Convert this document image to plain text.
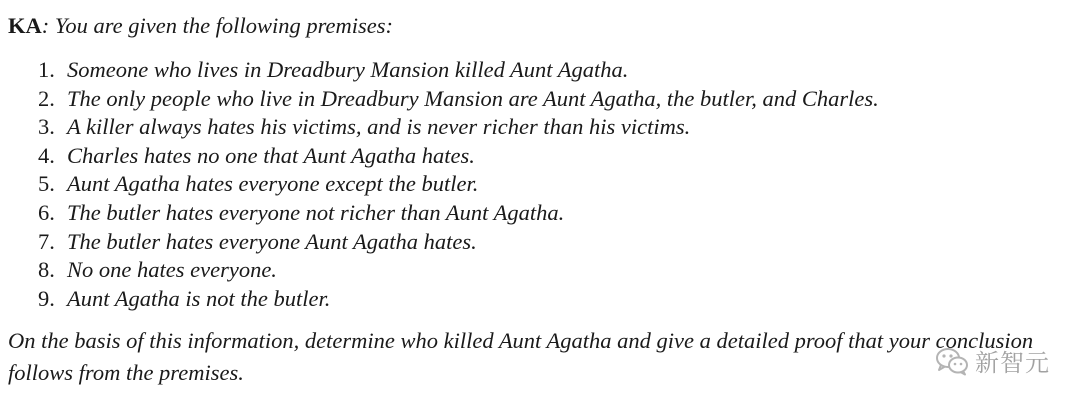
KA: You are given the following premises:

1. Someone who lives in Dreadbury Mansion killed Aunt Agatha.
2. The only people who live in Dreadbury Mansion are Aunt Agatha, the butler, and Charles.
3. A killer always hates his victims, and is never richer than his victims.
4. Charles hates no one that Aunt Agatha hates.
5. Aunt Agatha hates everyone except the butler.
6. The butler hates everyone not richer than Aunt Agatha.
7. The butler hates everyone Aunt Agatha hates.
8. No one hates everyone.
9. Aunt Agatha is not the butler.

On the basis of this information, determine who killed Aunt Agatha and give a detailed proof that your conclusion follows from the premises.	新智元
